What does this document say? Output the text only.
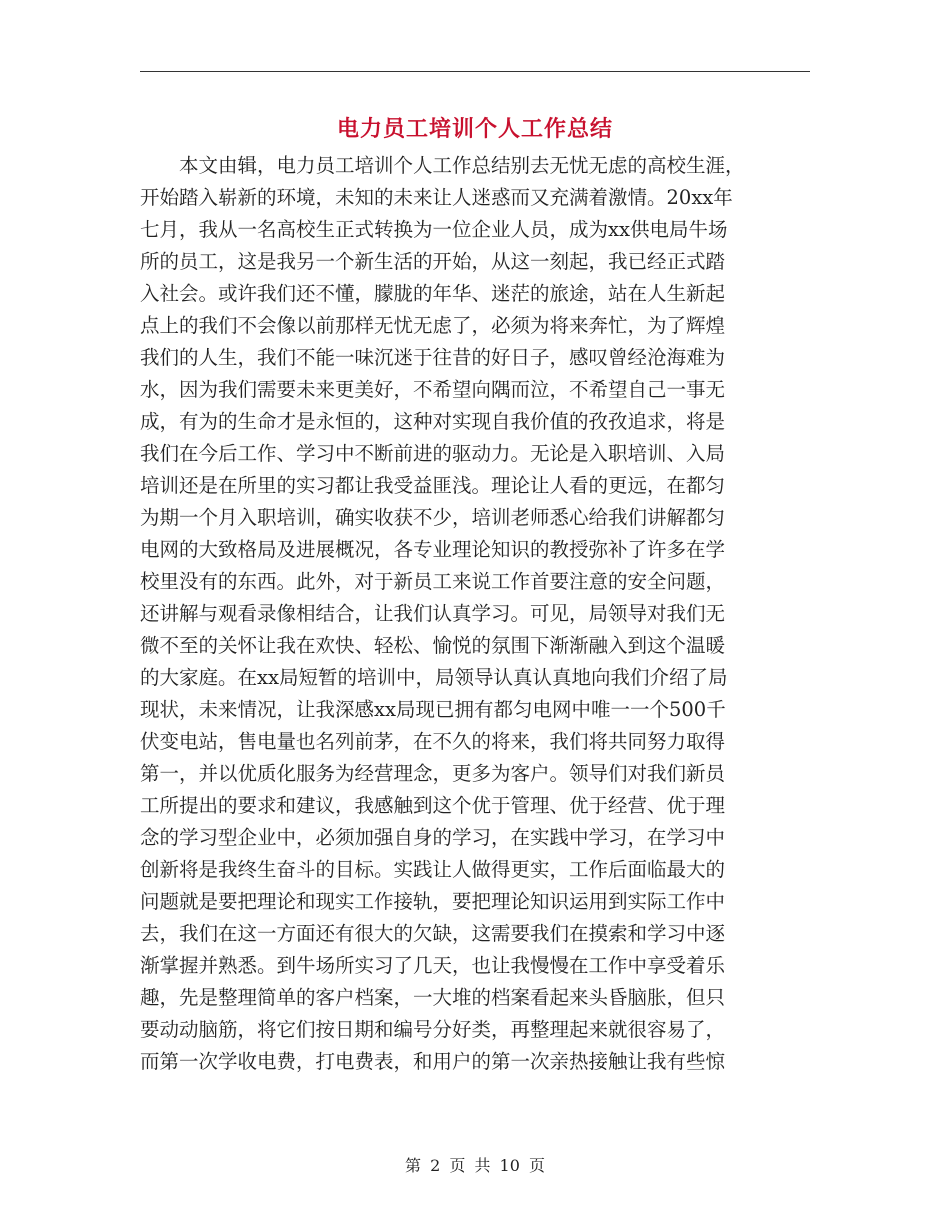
电力员工培训个人工作总结
　　本文由辑，电力员工培训个人工作总结别去无忧无虑的高校生涯，
开始踏入崭新的环境，未知的未来让人迷惑而又充满着激情。20xx年
七月，我从一名高校生正式转换为一位企业人员，成为xx供电局牛场
所的员工，这是我另一个新生活的开始，从这一刻起，我已经正式踏
入社会。或许我们还不懂，朦胧的年华、迷茫的旅途，站在人生新起
点上的我们不会像以前那样无忧无虑了，必须为将来奔忙，为了辉煌
我们的人生，我们不能一味沉迷于往昔的好日子，感叹曾经沧海难为
水，因为我们需要未来更美好，不希望向隅而泣，不希望自己一事无
成，有为的生命才是永恒的，这种对实现自我价值的孜孜追求，将是
我们在今后工作、学习中不断前进的驱动力。无论是入职培训、入局
培训还是在所里的实习都让我受益匪浅。理论让人看的更远，在都匀
为期一个月入职培训，确实收获不少，培训老师悉心给我们讲解都匀
电网的大致格局及进展概况，各专业理论知识的教授弥补了许多在学
校里没有的东西。此外，对于新员工来说工作首要注意的安全问题，
还讲解与观看录像相结合，让我们认真学习。可见，局领导对我们无
微不至的关怀让我在欢快、轻松、愉悦的氛围下渐渐融入到这个温暖
的大家庭。在xx局短暂的培训中，局领导认真认真地向我们介绍了局
现状，未来情况，让我深感xx局现已拥有都匀电网中唯一一个500千
伏变电站，售电量也名列前茅，在不久的将来，我们将共同努力取得
第一，并以优质化服务为经营理念，更多为客户。领导们对我们新员
工所提出的要求和建议，我感触到这个优于管理、优于经营、优于理
念的学习型企业中，必须加强自身的学习，在实践中学习，在学习中
创新将是我终生奋斗的目标。实践让人做得更实，工作后面临最大的
问题就是要把理论和现实工作接轨，要把理论知识运用到实际工作中
去，我们在这一方面还有很大的欠缺，这需要我们在摸索和学习中逐
渐掌握并熟悉。到牛场所实习了几天，也让我慢慢在工作中享受着乐
趣，先是整理简单的客户档案，一大堆的档案看起来头昏脑胀，但只
要动动脑筋，将它们按日期和编号分好类，再整理起来就很容易了，
而第一次学收电费，打电费表，和用户的第一次亲热接触让我有些惊
第 2 页 共 10 页
